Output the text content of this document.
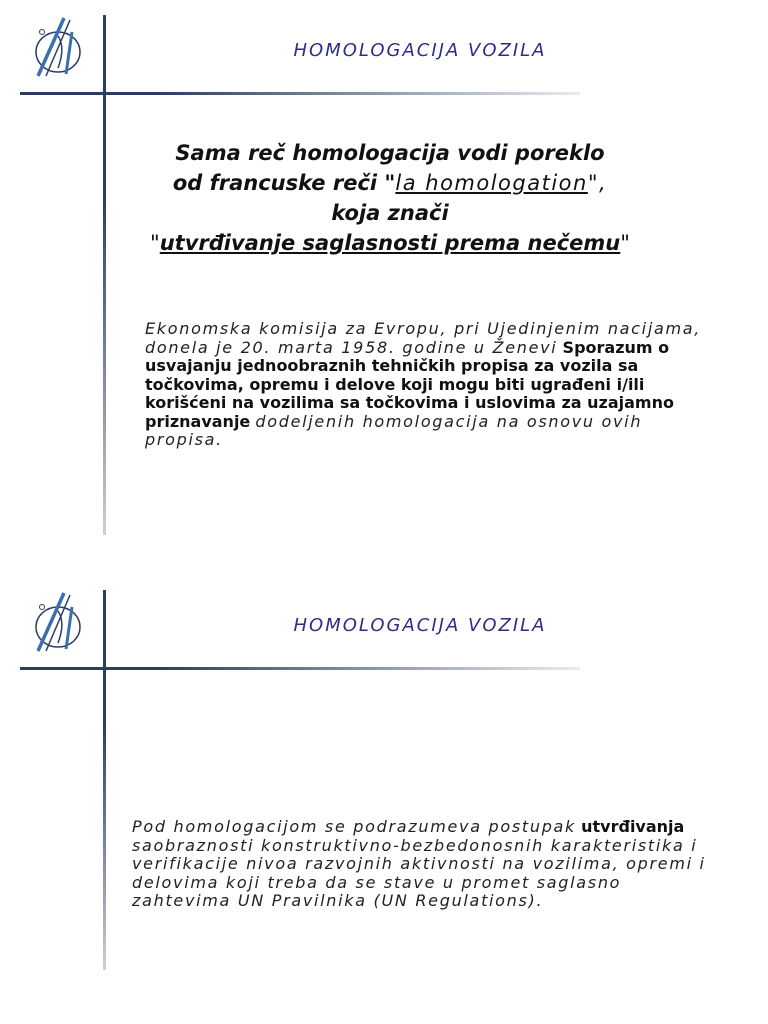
HOMOLOGACIJA VOZILA
Sama reč homologacija vodi poreklo
od francuske reči "la homologation",
koja znači
"utvrđivanje saglasnosti prema nečemu"
Ekonomska komisija za Evropu, pri Ujedinjenim nacijama, donela je 20. marta 1958. godine u Ženevi Sporazum o usvajanju jednoobraznih tehničkih propisa za vozila sa točkovima, opremu i delove koji mogu biti ugrađeni i/ili korišćeni na vozilima sa točkovima i uslovima za uzajamno priznavanje dodeljenih homologacija na osnovu ovih propisa.
HOMOLOGACIJA VOZILA
Pod homologacijom se podrazumeva postupak utvrđivanja saobraznosti konstruktivno-bezbedonosnih karakteristika i verifikacije nivoa razvojnih aktivnosti na vozilima, opremi i delovima koji treba da se stave u promet saglasno zahtevima UN Pravilnika (UN Regulations).
